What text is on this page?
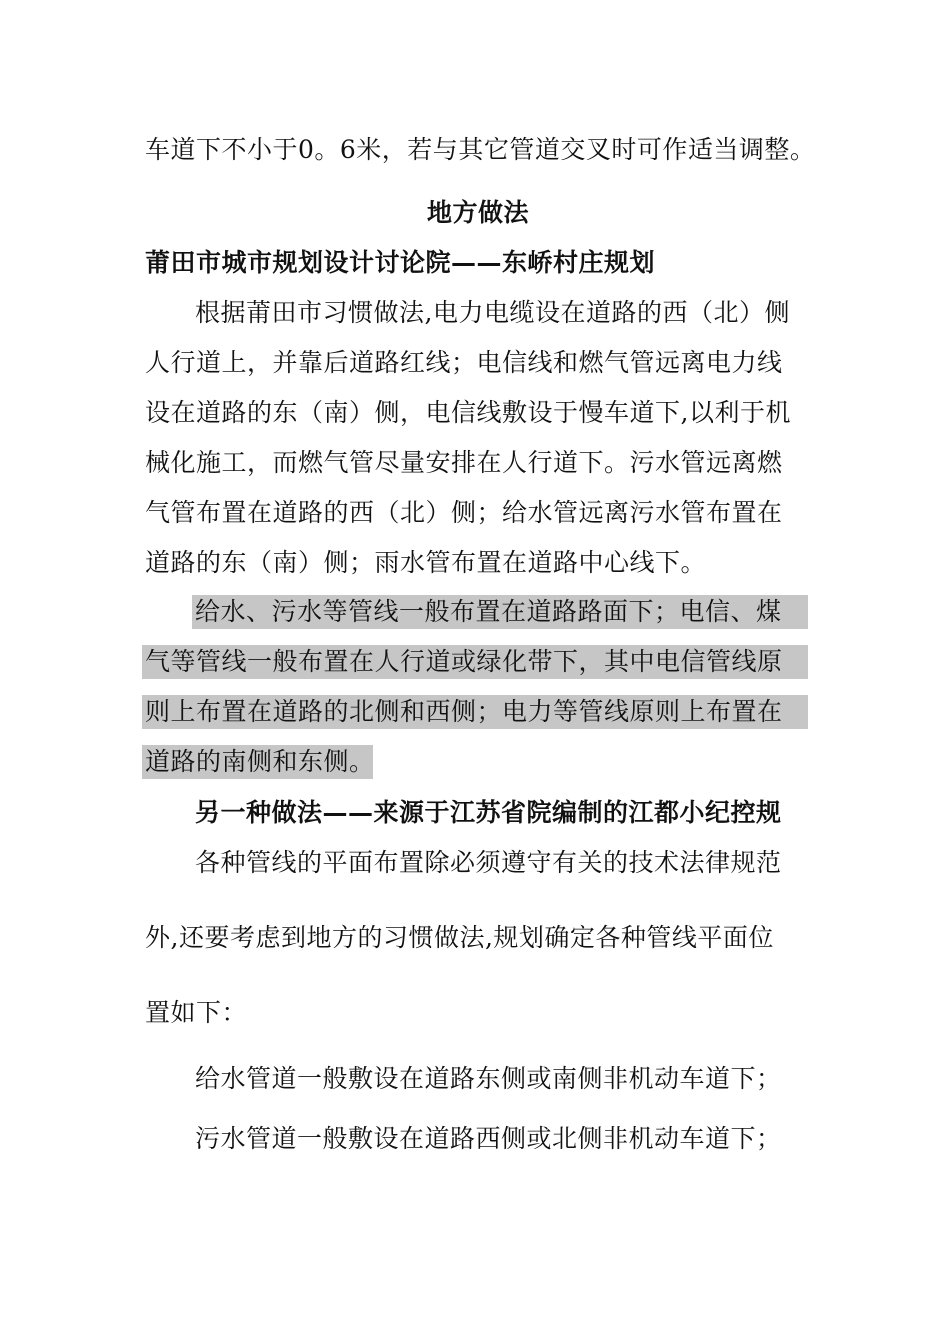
车道下不小于0。6米，若与其它管道交叉时可作适当调整。
地方做法
莆田市城市规划设计讨论院——东峤村庄规划
根据莆田市习惯做法,电力电缆设在道路的西（北）侧
人行道上，并靠后道路红线；电信线和燃气管远离电力线
设在道路的东（南）侧，电信线敷设于慢车道下,以利于机
械化施工，而燃气管尽量安排在人行道下。污水管远离燃
气管布置在道路的西（北）侧；给水管远离污水管布置在
道路的东（南）侧；雨水管布置在道路中心线下。
给水、污水等管线一般布置在道路路面下；电信、煤
气等管线一般布置在人行道或绿化带下，其中电信管线原
则上布置在道路的北侧和西侧；电力等管线原则上布置在
道路的南侧和东侧。
另一种做法——来源于江苏省院编制的江都小纪控规
各种管线的平面布置除必须遵守有关的技术法律规范
外,还要考虑到地方的习惯做法,规划确定各种管线平面位
置如下：
给水管道一般敷设在道路东侧或南侧非机动车道下；
污水管道一般敷设在道路西侧或北侧非机动车道下；
